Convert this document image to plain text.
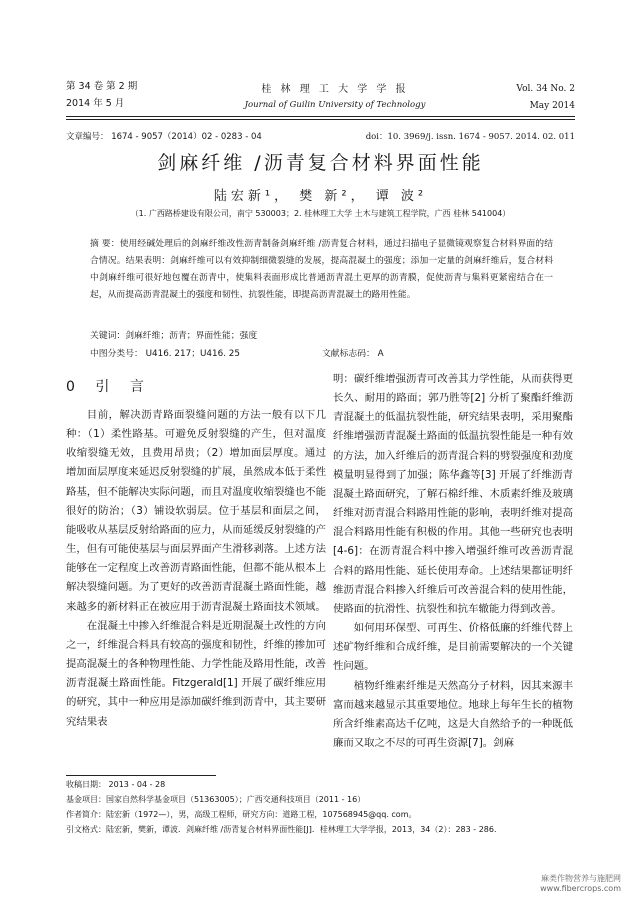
第 34 卷 第 2 期
2014 年 5 月
桂 林 理 工 大 学 学 报
Journal of Guilin University of Technology
Vol. 34 No. 2
May 2014
文章编号： 1674 - 9057（2014）02 - 0283 - 04	doi：10. 3969/j. issn. 1674 - 9057. 2014. 02. 011
剑麻纤维 /沥青复合材料界面性能
陆宏新¹， 樊 新²， 谭 波²
（1. 广西路桥建设有限公司，南宁 530003；2. 桂林理工大学 土木与建筑工程学院，广西 桂林 541004）
摘 要：使用经碱处理后的剑麻纤维改性沥青制备剑麻纤维 /沥青复合材料，通过扫描电子显微镜观察复合材料界面的结合情况。结果表明：剑麻纤维可以有效抑制细微裂缝的发展，提高混凝土的强度；添加一定量的剑麻纤维后，复合材料中剑麻纤维可很好地包覆在沥青中，使集料表面形成比普通沥青混土更厚的沥青膜，促使沥青与集料更紧密结合在一起，从而提高沥青混凝土的强度和韧性、抗裂性能，即提高沥青混凝土的路用性能。
关键词：剑麻纤维；沥青；界面性能；强度
中图分类号： U416. 217；U416. 25	文献标志码： A
0 引 言

目前，解决沥青路面裂缝问题的方法一般有以下几种：（1）柔性路基。可避免反射裂缝的产生，但对温度收缩裂缝无效，且费用昂贵；（2）增加面层厚度。通过增加面层厚度来延迟反射裂缝的扩展，虽然成本低于柔性路基，但不能解决实际问题，而且对温度收缩裂缝也不能很好的防治；（3）铺设软弱层。位于基层和面层之间，能吸收从基层反射给路面的应力，从而延缓反射裂缝的产生，但有可能使基层与面层界面产生滑移剥落。上述方法能够在一定程度上改善沥青路面性能，但都不能从根本上解决裂缝问题。为了更好的改善沥青混凝土路面性能，越来越多的新材料正在被应用于沥青混凝土路面技术领域。

在混凝土中掺入纤维混合料是近期混凝土改性的方向之一，纤维混合料具有较高的强度和韧性，纤维的掺加可提高混凝土的各种物理性能、力学性能及路用性能，改善沥青混凝土路面性能。Fitzgerald[1] 开展了碳纤维应用的研究，其中一种应用是添加碳纤维到沥青中，其主要研究结果表

明：碳纤维增强沥青可改善其力学性能，从而获得更长久、耐用的路面；郭乃胜等[2] 分析了聚酯纤维沥青混凝土的低温抗裂性能，研究结果表明，采用聚酯纤维增强沥青混凝土路面的低温抗裂性能是一种有效的方法，加入纤维后的沥青混合料的劈裂强度和劲度模量明显得到了加强；陈华鑫等[3] 开展了纤维沥青混凝土路面研究，了解石棉纤维、木质素纤维及玻璃纤维对沥青混合料路用性能的影响，表明纤维对提高混合料路用性能有积极的作用。其他一些研究也表明[4-6]：在沥青混合料中掺入增强纤维可改善沥青混合料的路用性能、延长使用寿命。上述结果都证明纤维沥青混合料掺入纤维后可改善混合料的使用性能，使路面的抗滑性、抗裂性和抗车辙能力得到改善。

如何用环保型、可再生、价格低廉的纤维代替上述矿物纤维和合成纤维，是目前需要解决的一个关键性问题。

植物纤维素纤维是天然高分子材料，因其来源丰富而越来越显示其重要地位。地球上每年生长的植物所含纤维素高达千亿吨，这是大自然给予的一种既低廉而又取之不尽的可再生资源[7]。剑麻

收稿日期： 2013 - 04 - 28
基金项目：国家自然科学基金项目（51363005）；广西交通科技项目（2011 - 16）
作者简介：陆宏新（1972—），男，高级工程师，研究方向：道路工程，107568945@qq. com。
引文格式：陆宏新，樊新，谭波．剑麻纤维 /沥青复合材料界面性能[J]．桂林理工大学学报，2013，34（2）：283 - 286.
麻类作物营养与施肥网
www.fibercrops.com
